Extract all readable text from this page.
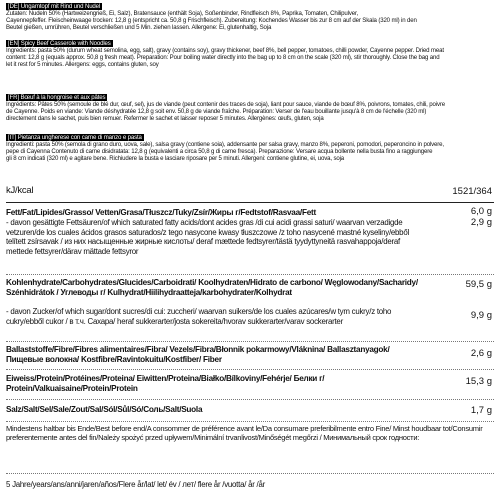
[DE] Ungarntopf mit Rind und Nudel
Zutaten: Nudeln 50% (Hartweizengrieß, Ei, Salz), Bratensauce (enthält Soja), Soßenbinder, Rindfleisch 8%, Paprika, Tomaten, Chilipulver,
Cayennepfeffer. Fleischeinwaage trocken: 12,8 g (entspricht ca. 50,8 g Frischfleisch). Zubereitung: Kochendes Wasser bis zur 8 cm auf der Skala (320 ml) in den
Beutel gießen, umrühren, Beutel verschließen und 5 Min. ziehen lassen. Allergene: Ei, glutenhaltig, Soja
[EN] Spicy Beef Casserole with Noodles
Ingredients: pasta 50% (durum wheat semolina, egg, salt), gravy (contains soy), gravy thickener, beef 8%, bell pepper, tomatoes, chilli powder, Cayenne pepper. Dried meat
content: 12,8 g (equals approx. 50,8 g fresh meat). Preparation: Pour boiling water directly into the bag up to 8 cm on the scale (320 ml), stir thoroughly. Close the bag and
let it rest for 5 minutes. Allergens: eggs, contains gluten, soy
[FR] Bœuf à la hongroise et aux pâtes
Ingrédients: Pâtes 50% (semoule de blé dur, œuf, sel), jus de viande (peut contenir des traces de soja), liant pour sauce, viande de bœuf 8%, poivrons, tomates, chili, poivre
de Cayenne. Poids en viande: Viande déshydratée 12,8 g soit env. 50,8 g de viande fraîche. Préparation: Verser de l'eau bouillante jusqu'à 8 cm de l'échelle (320 ml)
directement dans le sachet, puis bien remuer. Refermer le sachet et laisser reposer 5 minutes. Allergènes: œufs, gluten, soja
[IT] Pietanza ungherese con carne di manzo e pasta
Ingredienti: pasta 50% (semola di grano duro, uova, sale), salsa gravy (contiene soia), addensante per salsa gravy, manzo 8%, peperoni, pomodori, peperoncino in polvere,
pepe di Cayenna Contenuto di carne disidratata: 12,8 g (equivalenti a circa 50,8 g di carne fresca). Preparazione: Versare acqua bollente nella busta fino a raggiungere
gli 8 cm indicati (320 ml) e agitare bene. Richiudere la busta e lasciare riposare per 5 minuti. Allergeni: contiene glutine, ei, uova, soja
kJ/kcal	1521/364
Fett/Fat/Lipides/Grasso/ Vetten/Grasa/Tłuszcz/Tuky/Zsír/Жиры г/Fedtstof/Rasvaa/Fett	6,0 g
- davon gesättigte Fettsäuren/of which saturated fatty acids/dont acides gras /di cui acidi grassi saturi/ waarvan verzadigde vetzuren/de los cuales ácidos grasos saturados/z tego nasycone kwasy tłuszczowe /z toho nasycené mastné kyseliny/ebből telített zsírsavak / из них насыщенные жирные кислоты/ deraf mættede fedtsyrer/tästä tyydyttyneitä rasvahappoja/deraf mettede fettsyrer/därav mättade fettsyror
2,9 g
Kohlenhydrate/Carbohydrates/Glucides/Carboidrati/ Koolhydraten/Hidrato de carbono/ Węglowodany/Sacharidy/ Szénhidrátok / Углеводы г/ Kulhydrat/Hiilihydraatteja/karbohydrater/Kolhydrat
59,5 g
- davon Zucker/of which sugar/dont sucres/di cui: zuccheri/ waarvan suikers/de los cuales azúcares/w tym cukry/z toho cukry/ebből cukor / в т.ч. Сахара/ heraf sukkerarter/josta sokereita/hvorav sukkerarter/varav sockerarter
9,9 g
Ballaststoffe/Fibre/Fibres alimentaires/Fibra/ Vezels/Fibra/Błonnik pokarmowy/Vláknina/ Ballasztanyagok/Пищевые волокна/ Kostfibre/Ravintokuitu/Kostfiber/ Fiber
2,6 g
Eiweiss/Protein/Protéines/Proteina/ Eiwitten/Proteina/Białko/Bílkoviny/Fehérje/ Белки г/ Protein/Valkuaisaine/Protein/Protein
15,3 g
Salz/Salt/Sel/Sale/Zout/Sal/Sól/Sůl/Só/Соль/Salt/Suola	1,7 g
Mindestens haltbar bis Ende/Best before end/A consommer de préférence avant le/Da consumare preferibilmente entro Fine/ Minst houdbaar tot/Consumir preferentemente antes del fin/Należy spożyć przed upływem/Minimální trvanlivost/Minőségét megőrzi / Минимальный срок годности:
5 Jahre/years/ans/anni/jaren/años/Flere år/lat/ let/ év / лет/ flere år /vuotta/ år /år
